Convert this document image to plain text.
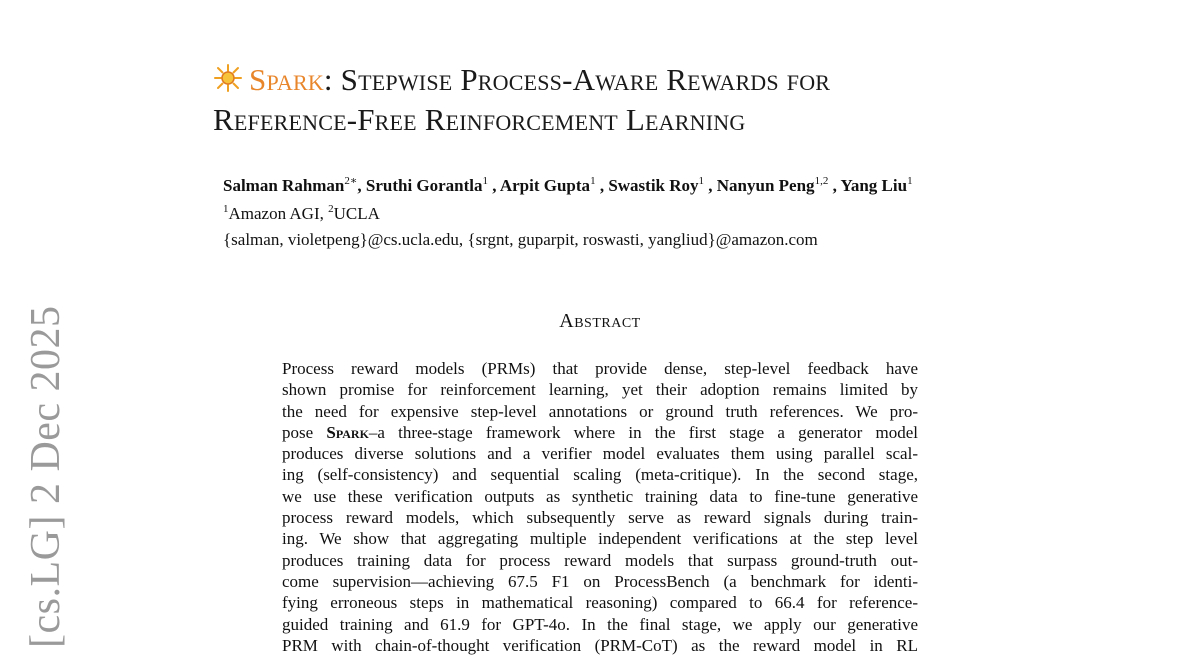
Spark: Stepwise Process-Aware Rewards for
Reference-Free Reinforcement Learning
Salman Rahman$^{2∗}$, Sruthi Gorantla$^1$ , Arpit Gupta$^1$ , Swastik Roy$^1$ , Nanyun Peng$^{1,2}$ , Yang Liu$^1$
$^1$Amazon AGI, $^2$UCLA
{salman, violetpeng}@cs.ucla.edu, {srgnt, guparpit, roswasti, yangliud}@amazon.com
Abstract
Process reward models (PRMs) that provide dense, step-level feedback have
shown promise for reinforcement learning, yet their adoption remains limited by
the need for expensive step-level annotations or ground truth references. We pro-
pose Spark–a three-stage framework where in the first stage a generator model
produces diverse solutions and a verifier model evaluates them using parallel scal-
ing (self-consistency) and sequential scaling (meta-critique). In the second stage,
we use these verification outputs as synthetic training data to fine-tune generative
process reward models, which subsequently serve as reward signals during train-
ing. We show that aggregating multiple independent verifications at the step level
produces training data for process reward models that surpass ground-truth out-
come supervision—achieving 67.5 F1 on ProcessBench (a benchmark for identi-
fying erroneous steps in mathematical reasoning) compared to 66.4 for reference-
guided training and 61.9 for GPT-4o. In the final stage, we apply our generative
PRM with chain-of-thought verification (PRM-CoT) as the reward model in RL
[cs.LG] 2 Dec 2025
